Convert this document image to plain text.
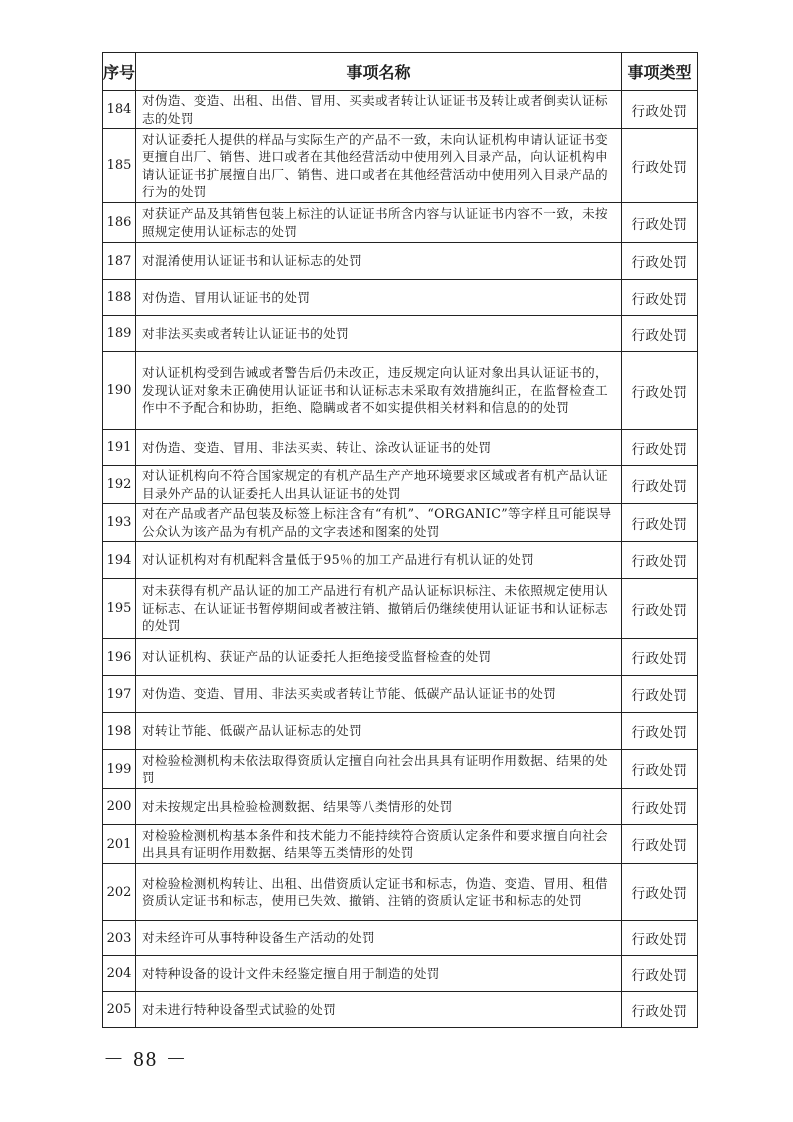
序号	事项名称	事项类型
184	对伪造、变造、出租、出借、冒用、买卖或者转让认证证书及转让或者倒卖认证标志的处罚	行政处罚
185	对认证委托人提供的样品与实际生产的产品不一致，未向认证机构申请认证证书变更擅自出厂、销售、进口或者在其他经营活动中使用列入目录产品，向认证机构申请认证证书扩展擅自出厂、销售、进口或者在其他经营活动中使用列入目录产品的行为的处罚	行政处罚
186	对获证产品及其销售包装上标注的认证证书所含内容与认证证书内容不一致，未按照规定使用认证标志的处罚	行政处罚
187	对混淆使用认证证书和认证标志的处罚	行政处罚
188	对伪造、冒用认证证书的处罚	行政处罚
189	对非法买卖或者转让认证证书的处罚	行政处罚
190	对认证机构受到告诫或者警告后仍未改正，违反规定向认证对象出具认证证书的，发现认证对象未正确使用认证证书和认证标志未采取有效措施纠正，在监督检查工作中不予配合和协助，拒绝、隐瞒或者不如实提供相关材料和信息的的处罚	行政处罚
191	对伪造、变造、冒用、非法买卖、转让、涂改认证证书的处罚	行政处罚
192	对认证机构向不符合国家规定的有机产品生产产地环境要求区域或者有机产品认证目录外产品的认证委托人出具认证证书的处罚	行政处罚
193	对在产品或者产品包装及标签上标注含有“有机”、“ORGANIC”等字样且可能误导公众认为该产品为有机产品的文字表述和图案的处罚	行政处罚
194	对认证机构对有机配料含量低于95％的加工产品进行有机认证的处罚	行政处罚
195	对未获得有机产品认证的加工产品进行有机产品认证标识标注、未依照规定使用认证标志、在认证证书暂停期间或者被注销、撤销后仍继续使用认证证书和认证标志的处罚	行政处罚
196	对认证机构、获证产品的认证委托人拒绝接受监督检查的处罚	行政处罚
197	对伪造、变造、冒用、非法买卖或者转让节能、低碳产品认证证书的处罚	行政处罚
198	对转让节能、低碳产品认证标志的处罚	行政处罚
199	对检验检测机构未依法取得资质认定擅自向社会出具具有证明作用数据、结果的处罚	行政处罚
200	对未按规定出具检验检测数据、结果等八类情形的处罚	行政处罚
201	对检验检测机构基本条件和技术能力不能持续符合资质认定条件和要求擅自向社会出具具有证明作用数据、结果等五类情形的处罚	行政处罚
202	对检验检测机构转让、出租、出借资质认定证书和标志，伪造、变造、冒用、租借资质认定证书和标志，使用已失效、撤销、注销的资质认定证书和标志的处罚	行政处罚
203	对未经许可从事特种设备生产活动的处罚	行政处罚
204	对特种设备的设计文件未经鉴定擅自用于制造的处罚	行政处罚
205	对未进行特种设备型式试验的处罚	行政处罚
－ 88 －
